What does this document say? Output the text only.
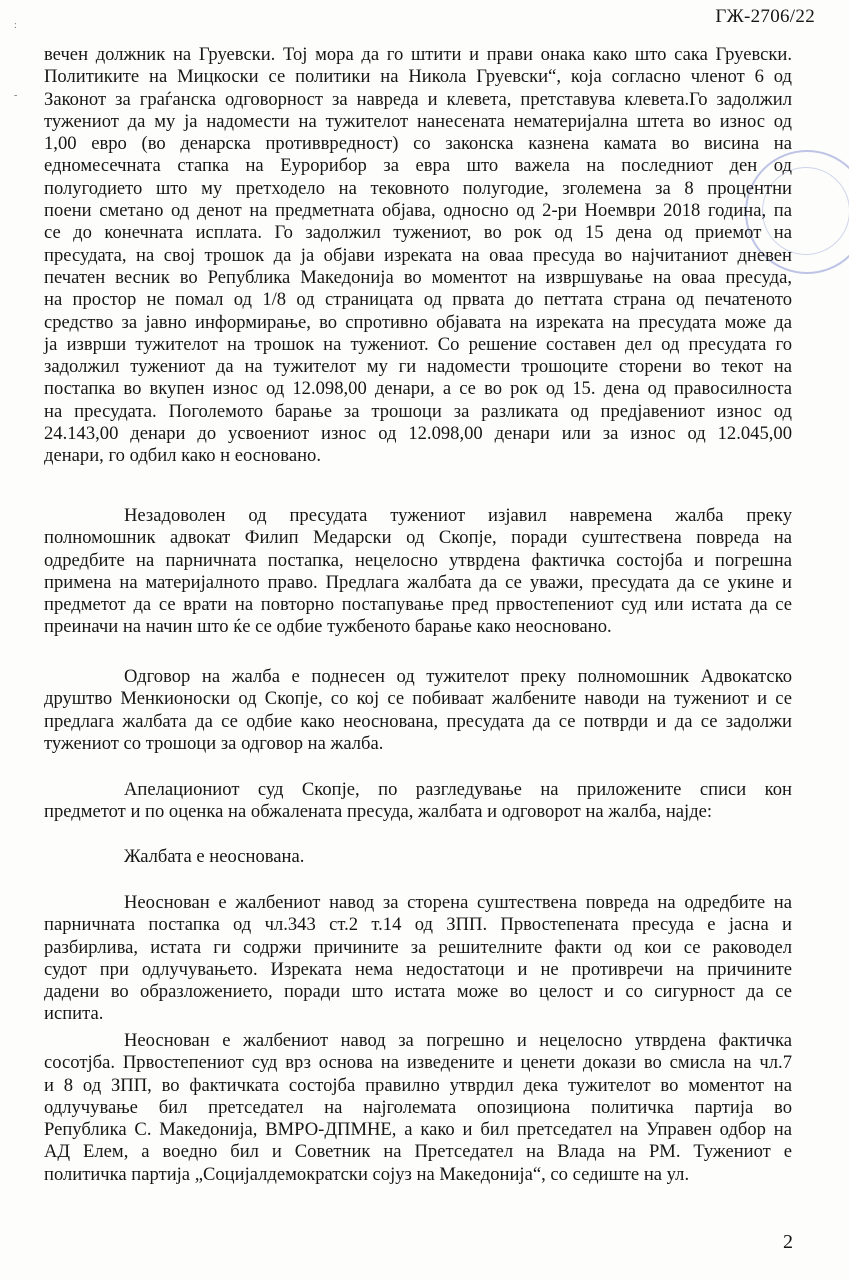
ГЖ-2706/22
:
-
вечен должник на Груевски. Тој мора да го штити и прави онака како што сака Груевски.
Политиките на Мицкоски се политики на Никола Груевски“, која согласно членот 6 од
Законот за граѓанска одговорност за навреда и клевета, претставува клевета.Го задолжил
тужениот да му ја надомести на тужителот нанесената нематеријална штета во износ од
1,00 евро (во денарска противвредност) со законска казнена камата во висина на
едномесечната стапка на Еурорибор за евра што важела на последниот ден од
полугодието што му претходело на тековното полугодие, зголемена за 8 процентни
поени сметано од денот на предметната објава, односно од 2-ри Ноември 2018 година, па
се до конечната исплата. Го задолжил тужениот, во рок од 15 дена од приемот на
пресудата, на свој трошок да ја објави изреката на оваа пресуда во најчитаниот дневен
печатен весник во Република Македонија во моментот на извршување на оваа пресуда,
на простор не помал од 1/8 од страницата од првата до петтата страна од печатеното
средство за јавно информирање, во спротивно објавата на изреката на пресудата може да
ја изврши тужителот на трошок на тужениот. Со решение составен дел од пресудата го
задолжил тужениот да на тужителот му ги надомести трошоците сторени во текот на
постапка во вкупен износ од 12.098,00 денари, а се во рок од 15. дена од правосилноста
на пресудата. Поголемото барање за трошоци за разликата од предјавениот износ од
24.143,00 денари до усвоениот износ од 12.098,00 денари или за износ од 12.045,00
денари, го одбил како н еосновано.
Незадоволен од пресудата тужениот изјавил навремена жалба преку
полномошник адвокат Филип Медарски од Скопје, поради суштествена повреда на
одредбите на парничната постапка, нецелосно утврдена фактичка состојба и погрешна
примена на материјалното право. Предлага жалбата да се уважи, пресудата да се укине и
предметот да се врати на повторно постапување пред првостепениот суд или истата да се
преиначи на начин што ќе се одбие тужбеното барање како неосновано.
Одговор на жалба е поднесен од тужителот преку полномошник Адвокатско
друштво Менкионоски од Скопје, со кој се побиваат жалбените наводи на тужениот и се
предлага жалбата да се одбие како неоснована, пресудата да се потврди и да се задолжи
тужениот со трошоци за одговор на жалба.
Апелациониот суд Скопје, по разгледување на приложените списи кон
предметот и по оценка на обжалената пресуда, жалбата и одговорот на жалба, најде:
Жалбата е неоснована.
Неоснован е жалбениот навод за сторена суштествена повреда на одредбите на
парничната постапка од чл.343 ст.2 т.14 од ЗПП. Првостепената пресуда е јасна и
разбирлива, истата ги содржи причините за решителните факти од кои се раководел
судот при одлучувањето. Изреката нема недостатоци и не противречи на причините
дадени во образложението, поради што истата може во целост и со сигурност да се
испита.
Неоснован е жалбениот навод за погрешно и нецелосно утврдена фактичка
сосотјба. Првостепениот суд врз основа на изведените и ценети докази во смисла на чл.7
и 8 од ЗПП, во фактичката состојба правилно утврдил дека тужителот во моментот на
одлучување бил претседател на најголемата опозициона политичка партија во
Република С. Македонија, ВМРО-ДПМНЕ, а како и бил претседател на Управен одбор на
АД Елем, а воедно бил и Советник на Претседател на Влада на РМ. Тужениот е
политичка партија „Социјалдемократски сојуз на Македонија“, со седиште на ул.
2
